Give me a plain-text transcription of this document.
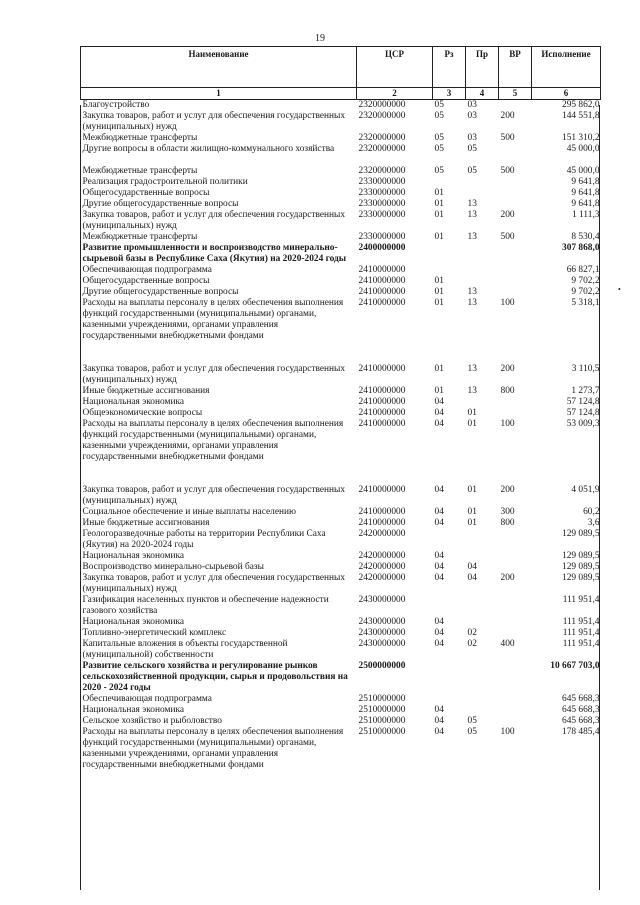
19
Наименование	ЦСР	Рз	Пр	ВР	Исполнение
1	2	3	4	5	6
Благоустройство	2320000000	05	03		295 862,0
Закупка товаров, работ и услуг для обеспечения государственных (муниципальных) нужд	2320000000	05	03	200	144 551,8
Межбюджетные трансферты	2320000000	05	03	500	151 310,2
Другие вопросы в области жилищно-коммунального хозяйства	2320000000	05	05		45 000,0

Межбюджетные трансферты	2320000000	05	05	500	45 000,0
Реализация градостроительной политики	2330000000				9 641,8
Общегосударственные вопросы	2330000000	01			9 641,8
Другие общегосударственные вопросы	2330000000	01	13		9 641,8
Закупка товаров, работ и услуг для обеспечения государственных (муниципальных) нужд	2330000000	01	13	200	1 111,3
Межбюджетные трансферты	2330000000	01	13	500	8 530,4
Развитие промышленности и воспроизводство минерально-сырьевой базы в Республике Саха (Якутия) на 2020-2024 годы	2400000000				307 868,0
Обеспечивающая подпрограмма	2410000000				66 827,1
Общегосударственные вопросы	2410000000	01			9 702,2
Другие общегосударственные вопросы	2410000000	01	13		9 702,2
Расходы на выплаты персоналу в целях обеспечения выполнения функций государственными (муниципальными) органами, казенными учреждениями, органами управления государственными внебюджетными фондами	2410000000	01	13	100	5 318,1

Закупка товаров, работ и услуг для обеспечения государственных (муниципальных) нужд	2410000000	01	13	200	3 110,5
Иные бюджетные ассигнования	2410000000	01	13	800	1 273,7
Национальная экономика	2410000000	04			57 124,8
Общеэкономические вопросы	2410000000	04	01		57 124,8
Расходы на выплаты персоналу в целях обеспечения выполнения функций государственными (муниципальными) органами, казенными учреждениями, органами управления государственными внебюджетными фондами	2410000000	04	01	100	53 009,3

Закупка товаров, работ и услуг для обеспечения государственных (муниципальных) нужд	2410000000	04	01	200	4 051,9
Социальное обеспечение и иные выплаты населению	2410000000	04	01	300	60,2
Иные бюджетные ассигнования	2410000000	04	01	800	3,6
Геологоразведочные работы на территории Республики Саха (Якутия) на 2020-2024 годы	2420000000				129 089,5
Национальная экономика	2420000000	04			129 089,5
Воспроизводство минерально-сырьевой базы	2420000000	04	04		129 089,5
Закупка товаров, работ и услуг для обеспечения государственных (муниципальных) нужд	2420000000	04	04	200	129 089,5
Газификация населенных пунктов и обеспечение надежности газового хозяйства	2430000000				111 951,4
Национальная экономика	2430000000	04			111 951,4
Топливно-энергетический комплекс	2430000000	04	02		111 951,4
Капитальные вложения в объекты государственной (муниципальной) собственности	2430000000	04	02	400	111 951,4
Развитие сельского хозяйства и регулирование рынков сельскохозяйственной продукции, сырья и продовольствия на 2020 - 2024 годы	2500000000				10 667 703,0
Обеспечивающая подпрограмма	2510000000				645 668,3
Национальная экономика	2510000000	04			645 668,3
Сельское хозяйство и рыболовство	2510000000	04	05		645 668,3
Расходы на выплаты персоналу в целях обеспечения выполнения функций государственными (муниципальными) органами, казенными учреждениями, органами управления государственными внебюджетными фондами	2510000000	04	05	100	178 485,4
•
